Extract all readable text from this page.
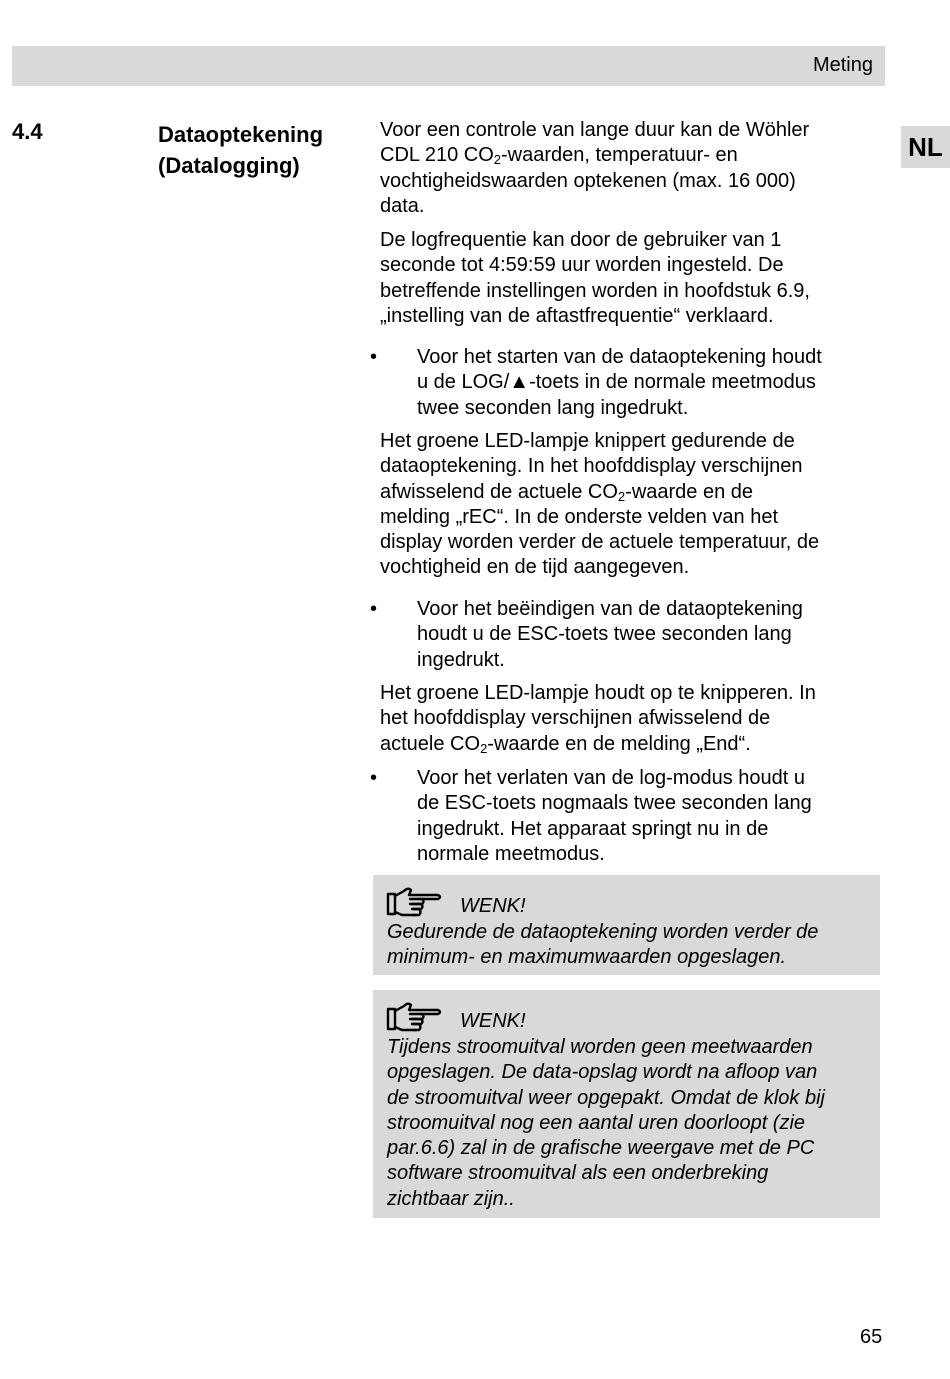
Meting
NL
4.4	Dataoptekening
(Datalogging)
Voor een controle van lange duur kan de Wöhler
CDL 210 $CO_2$-waarden, temperatuur- en
vochtigheidswaarden optekenen (max. 16 000)
data.
De logfrequentie kan door de gebruiker van 1
seconde tot 4:59:59 uur worden ingesteld. De
betreffende instellingen worden in hoofdstuk 6.9,
„instelling van de aftastfrequentie“ verklaard.
•	Voor het starten van de dataoptekening houdt
u de LOG/▲-toets in de normale meetmodus
twee seconden lang ingedrukt.
Het groene LED-lampje knippert gedurende de
dataoptekening. In het hoofddisplay verschijnen
afwisselend de actuele $CO_2$-waarde en de
melding „rEC“. In de onderste velden van het
display worden verder de actuele temperatuur, de
vochtigheid en de tijd aangegeven.
•	Voor het beëindigen van de dataoptekening
houdt u de ESC-toets twee seconden lang
ingedrukt.
Het groene LED-lampje houdt op te knipperen. In
het hoofddisplay verschijnen afwisselend de
actuele $CO_2$-waarde en de melding „End“.
•	Voor het verlaten van de log-modus houdt u
de ESC-toets nogmaals twee seconden lang
ingedrukt. Het apparaat springt nu in de
normale meetmodus.
WENK!
Gedurende de dataoptekening worden verder de
minimum- en maximumwaarden opgeslagen.
WENK!
Tijdens stroomuitval worden geen meetwaarden
opgeslagen. De data-opslag wordt na afloop van
de stroomuitval weer opgepakt. Omdat de klok bij
stroomuitval nog een aantal uren doorloopt (zie
par.6.6) zal in de grafische weergave met de PC
software stroomuitval als een onderbreking
zichtbaar zijn..
65
